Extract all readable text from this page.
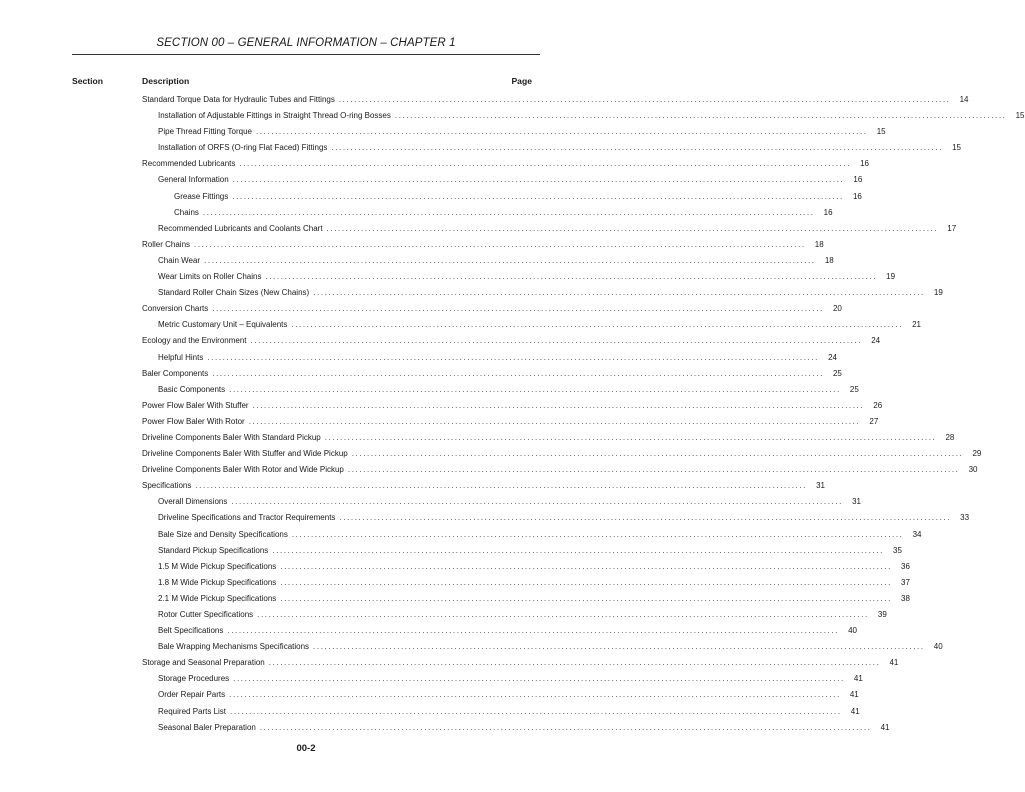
SECTION 00 – GENERAL INFORMATION – CHAPTER 1
Section	Description	Page
Standard Torque Data for Hydraulic Tubes and Fittings ................................................................................................................................................................	14
Installation of Adjustable Fittings in Straight Thread O-ring Bosses ................................................................................................................................................................	15
Pipe Thread Fitting Torque ................................................................................................................................................................	15
Installation of ORFS (O-ring Flat Faced) Fittings ................................................................................................................................................................	15
Recommended Lubricants ................................................................................................................................................................	16
General Information ................................................................................................................................................................	16
Grease Fittings ................................................................................................................................................................	16
Chains ................................................................................................................................................................	16
Recommended Lubricants and Coolants Chart ................................................................................................................................................................	17
Roller Chains ................................................................................................................................................................	18
Chain Wear ................................................................................................................................................................	18
Wear Limits on Roller Chains ................................................................................................................................................................	19
Standard Roller Chain Sizes (New Chains) ................................................................................................................................................................	19
Conversion Charts ................................................................................................................................................................	20
Metric Customary Unit – Equivalents ................................................................................................................................................................	21
Ecology and the Environment ................................................................................................................................................................	24
Helpful Hints ................................................................................................................................................................	24
Baler Components ................................................................................................................................................................	25
Basic Components ................................................................................................................................................................	25
Power Flow Baler With Stuffer ................................................................................................................................................................	26
Power Flow Baler With Rotor ................................................................................................................................................................	27
Driveline Components Baler With Standard Pickup ................................................................................................................................................................	28
Driveline Components Baler With Stuffer and Wide Pickup ................................................................................................................................................................	29
Driveline Components Baler With Rotor and Wide Pickup ................................................................................................................................................................	30
Specifications ................................................................................................................................................................	31
Overall Dimensions ................................................................................................................................................................	31
Driveline Specifications and Tractor Requirements ................................................................................................................................................................	33
Bale Size and Density Specifications ................................................................................................................................................................	34
Standard Pickup Specifications ................................................................................................................................................................	35
1.5 M Wide Pickup Specifications ................................................................................................................................................................	36
1.8 M Wide Pickup Specifications ................................................................................................................................................................	37
2.1 M Wide Pickup Specifications ................................................................................................................................................................	38
Rotor Cutter Specifications ................................................................................................................................................................	39
Belt Specifications ................................................................................................................................................................	40
Bale Wrapping Mechanisms Specifications ................................................................................................................................................................	40
Storage and Seasonal Preparation ................................................................................................................................................................	41
Storage Procedures ................................................................................................................................................................	41
Order Repair Parts ................................................................................................................................................................	41
Required Parts List ................................................................................................................................................................	41
Seasonal Baler Preparation ................................................................................................................................................................	41
00-2
